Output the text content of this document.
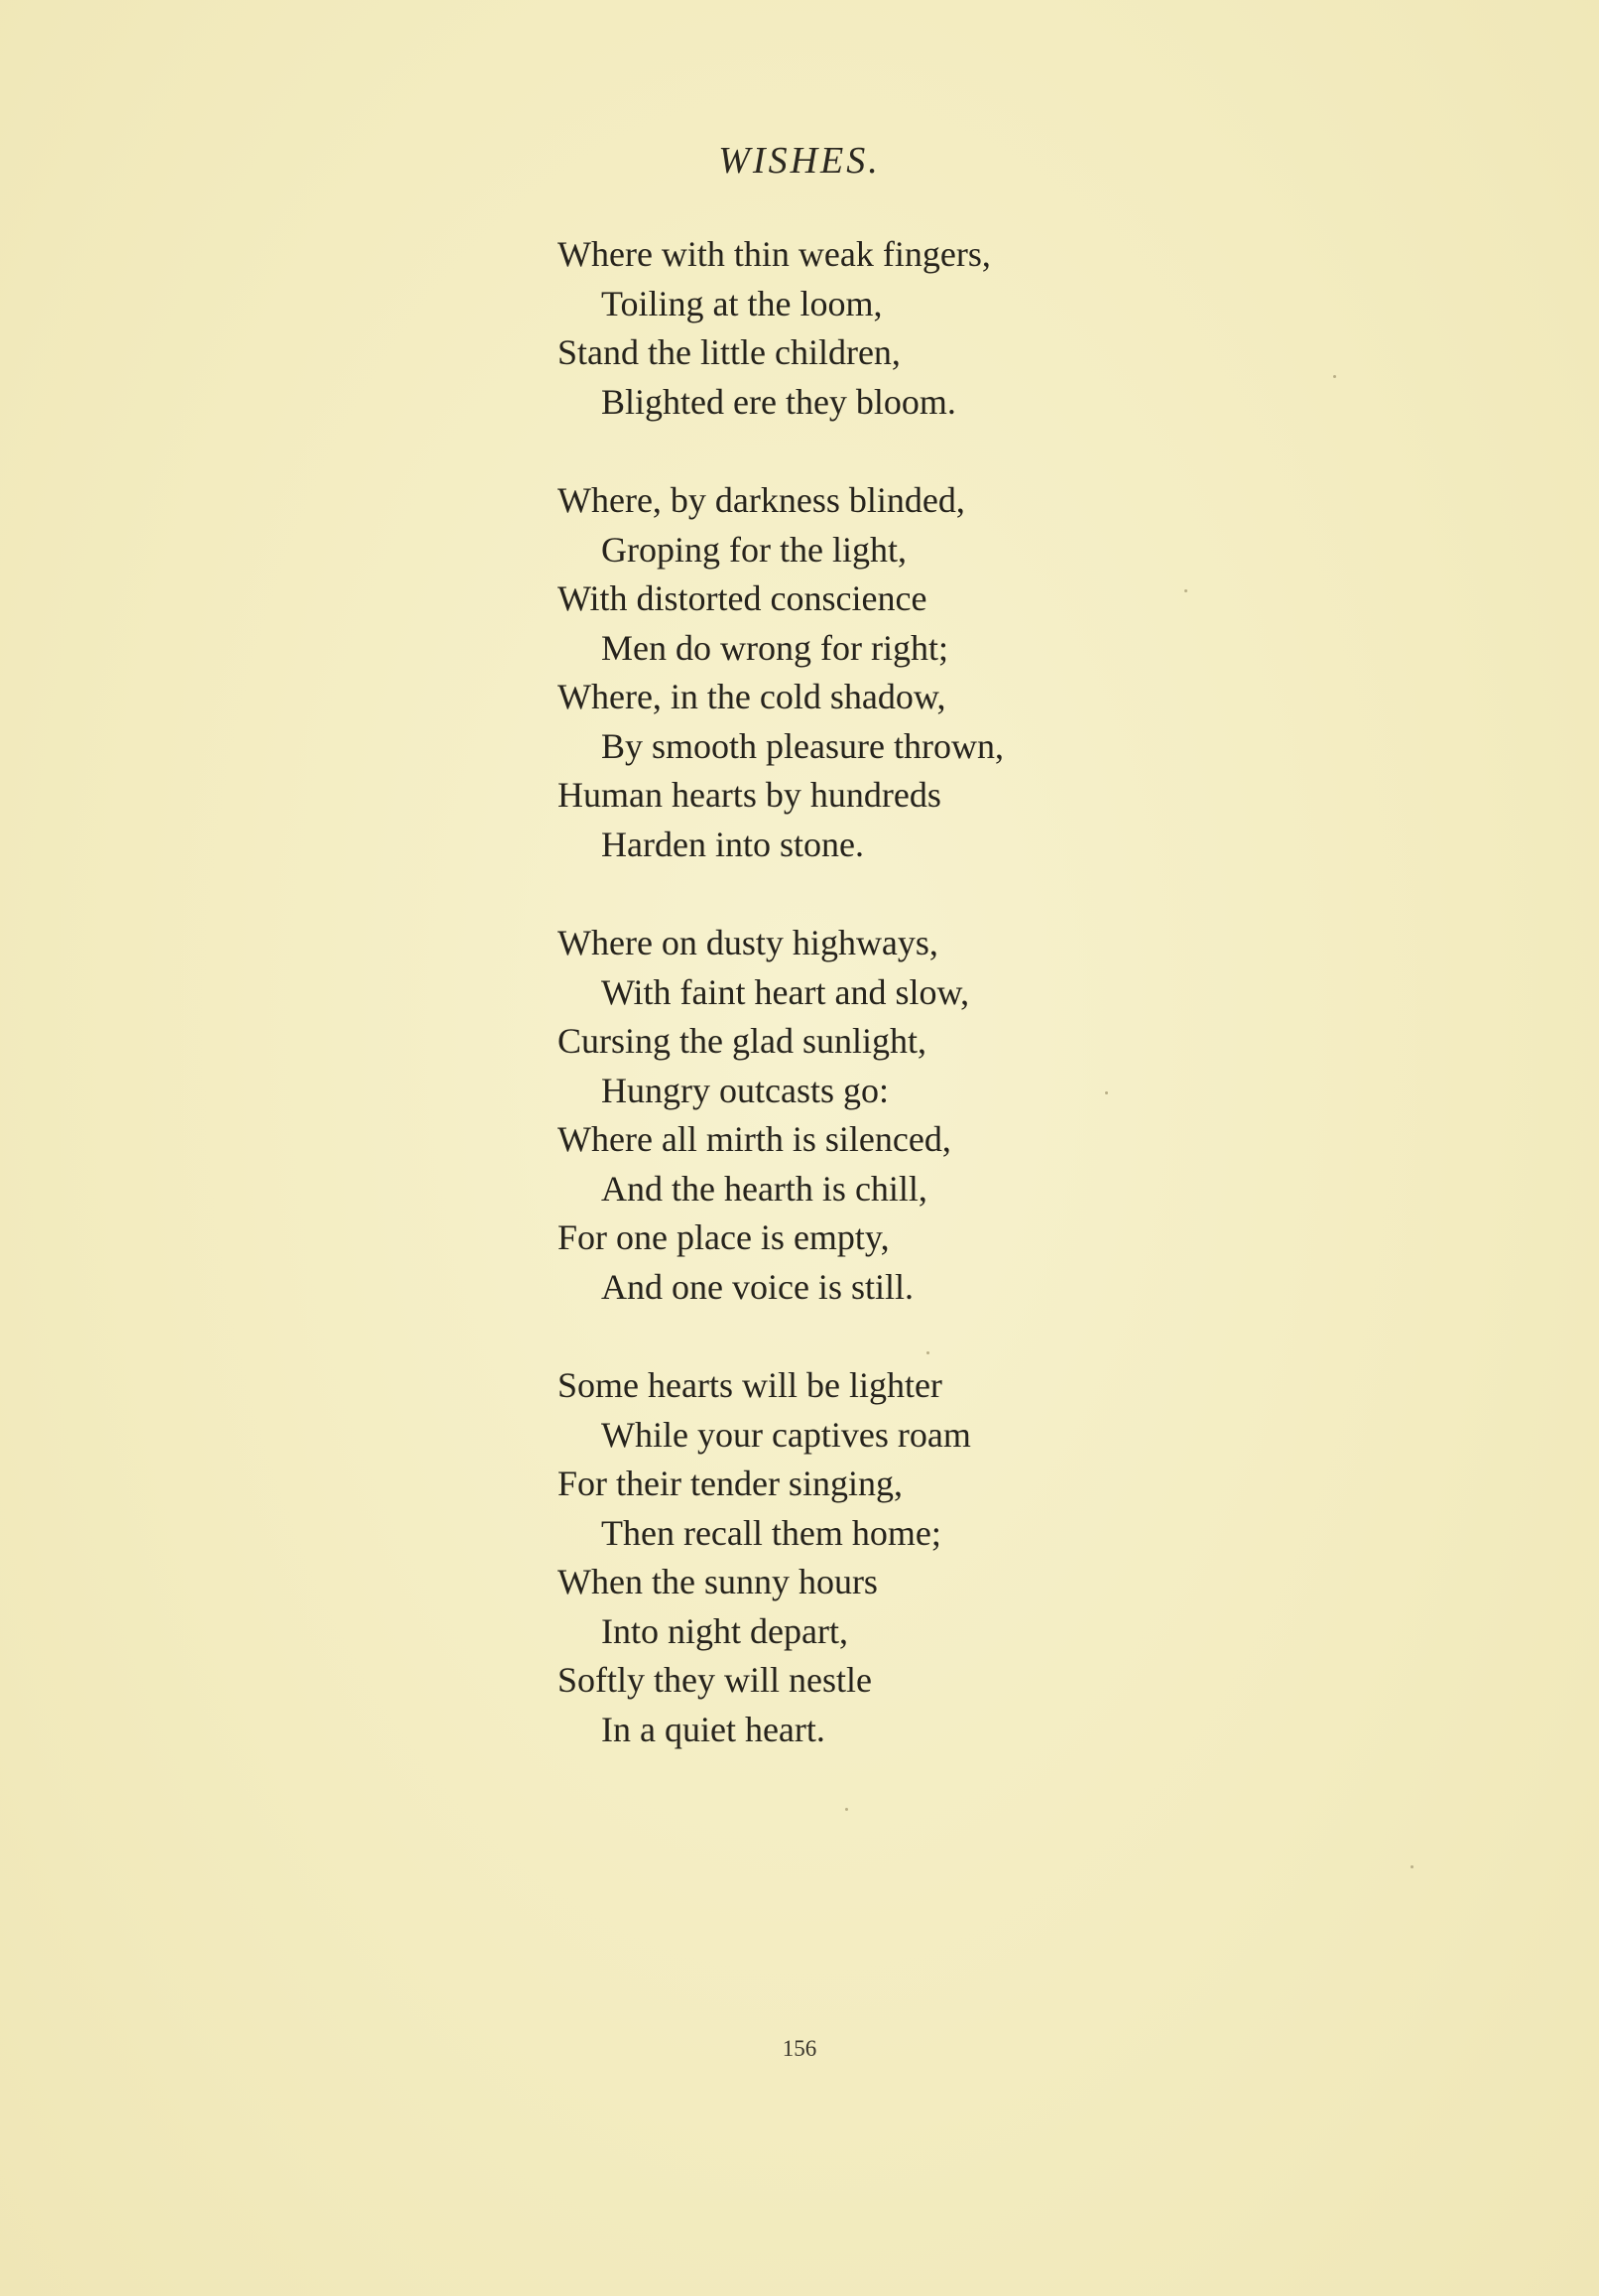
WISHES.
Where with thin weak fingers,
Toiling at the loom,
Stand the little children,
Blighted ere they bloom.
Where, by darkness blinded,
Groping for the light,
With distorted conscience
Men do wrong for right;
Where, in the cold shadow,
By smooth pleasure thrown,
Human hearts by hundreds
Harden into stone.
Where on dusty highways,
With faint heart and slow,
Cursing the glad sunlight,
Hungry outcasts go:
Where all mirth is silenced,
And the hearth is chill,
For one place is empty,
And one voice is still.
Some hearts will be lighter
While your captives roam
For their tender singing,
Then recall them home;
When the sunny hours
Into night depart,
Softly they will nestle
In a quiet heart.
156
